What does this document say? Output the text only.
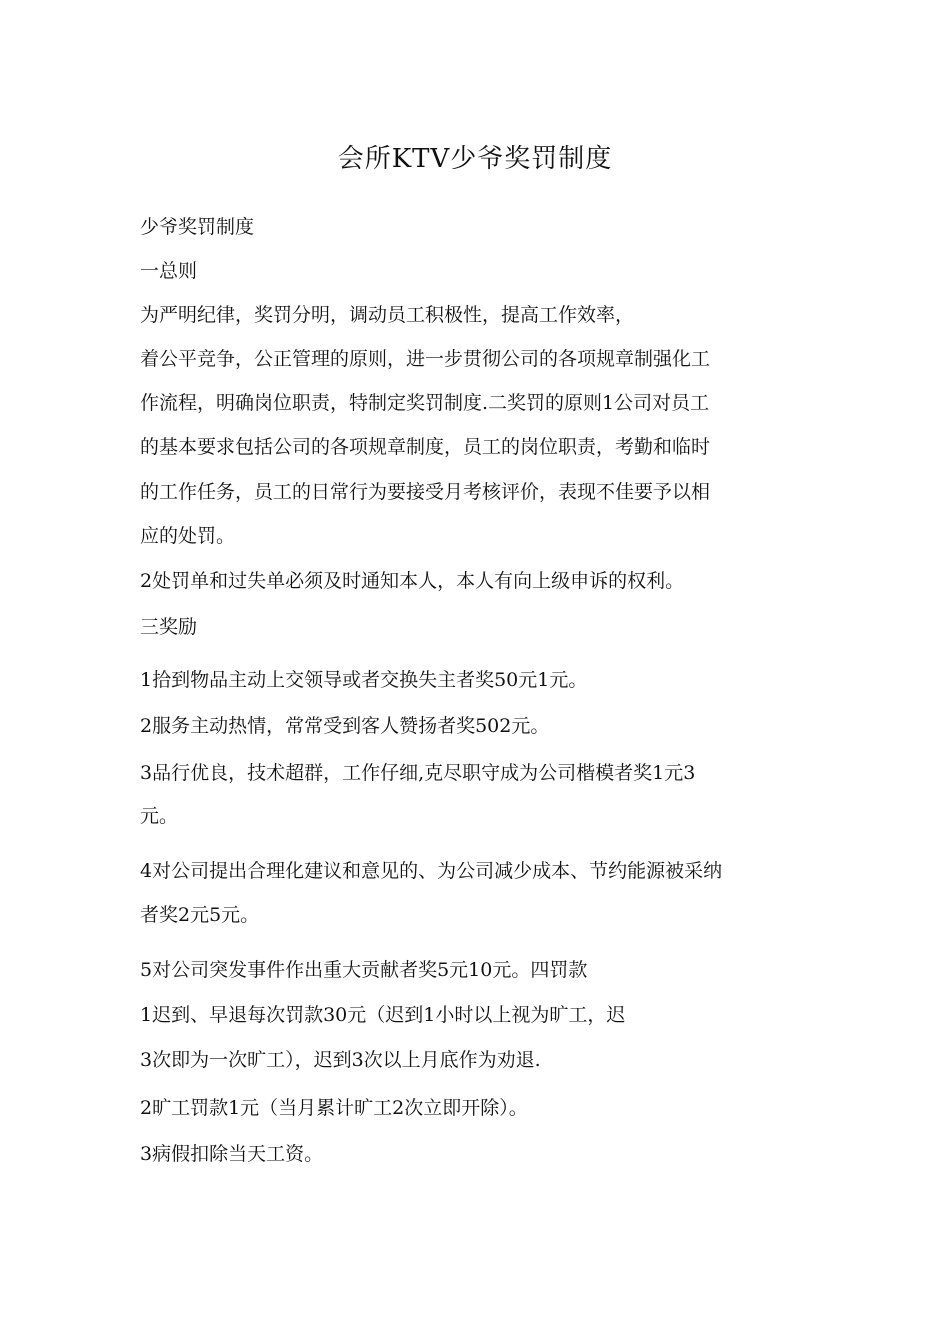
会所KTV少爷奖罚制度
少爷奖罚制度
一总则
为严明纪律，奖罚分明，调动员工积极性，提高工作效率，
着公平竞争，公正管理的原则，进一步贯彻公司的各项规章制强化工
作流程，明确岗位职责，特制定奖罚制度.二奖罚的原则1公司对员工
的基本要求包括公司的各项规章制度，员工的岗位职责，考勤和临时
的工作任务，员工的日常行为要接受月考核评价，表现不佳要予以相
应的处罚。
2处罚单和过失单必须及时通知本人，本人有向上级申诉的权利。
三奖励
1拾到物品主动上交领导或者交换失主者奖50元1元。
2服务主动热情，常常受到客人赞扬者奖502元。
3品行优良，技术超群，工作仔细,克尽职守成为公司楷模者奖1元3
元。
4对公司提出合理化建议和意见的、为公司减少成本、节约能源被采纳
者奖2元5元。
5对公司突发事件作出重大贡献者奖5元10元。四罚款
1迟到、早退每次罚款30元（迟到1小时以上视为旷工，迟
3次即为一次旷工），迟到3次以上月底作为劝退.
2旷工罚款1元（当月累计旷工2次立即开除）。
3病假扣除当天工资。
